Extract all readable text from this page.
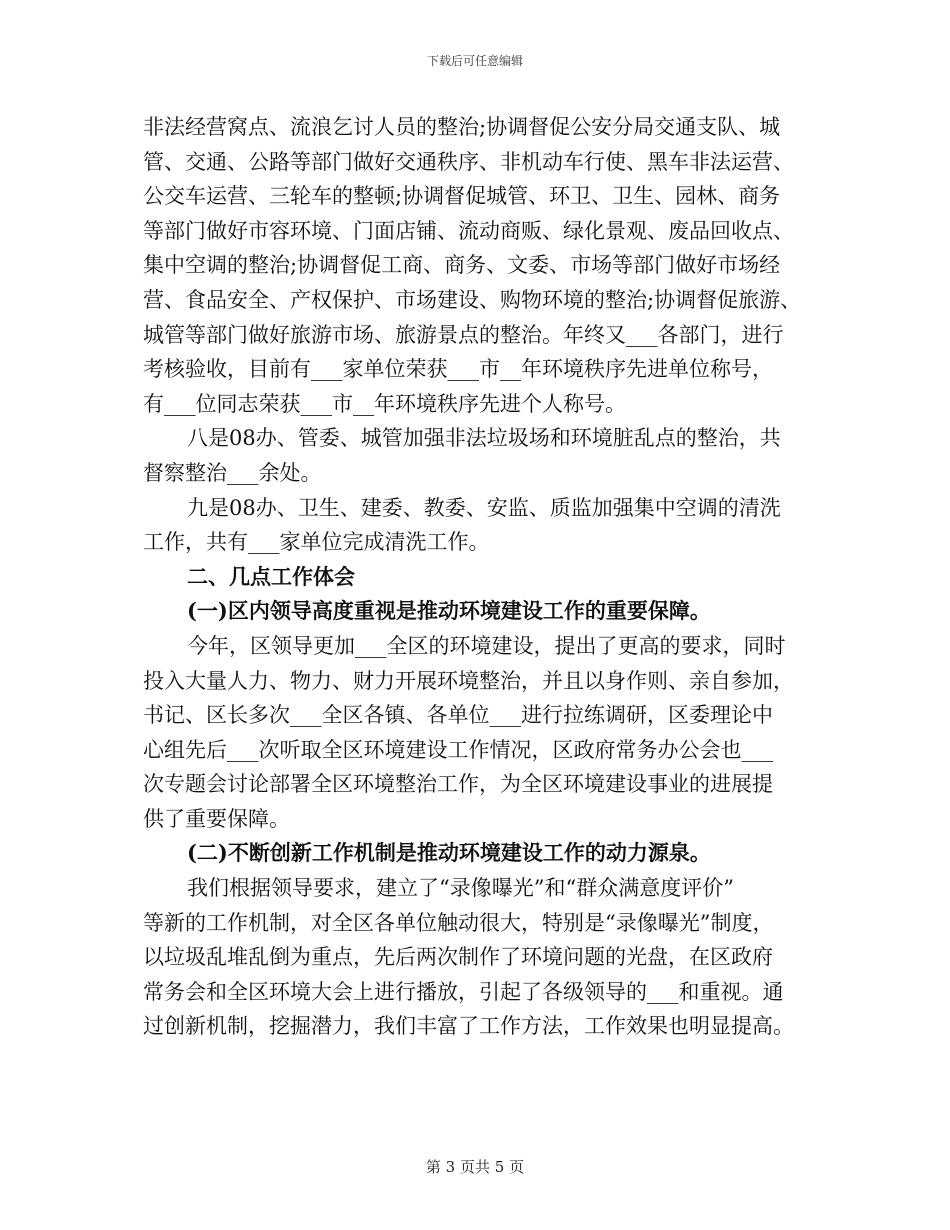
下载后可任意编辑
非法经营窝点、流浪乞讨人员的整治;协调督促公安分局交通支队、城
管、交通、公路等部门做好交通秩序、非机动车行使、黑车非法运营、
公交车运营、三轮车的整顿;协调督促城管、环卫、卫生、园林、商务
等部门做好市容环境、门面店铺、流动商贩、绿化景观、废品回收点、
集中空调的整治;协调督促工商、商务、文委、市场等部门做好市场经
营、食品安全、产权保护、市场建设、购物环境的整治;协调督促旅游、
城管等部门做好旅游市场、旅游景点的整治。年终又___各部门，进行
考核验收，目前有___家单位荣获___市__年环境秩序先进单位称号，
有___位同志荣获___市__年环境秩序先进个人称号。
八是08办、管委、城管加强非法垃圾场和环境脏乱点的整治，共
督察整治___余处。
九是08办、卫生、建委、教委、安监、质监加强集中空调的清洗
工作，共有___家单位完成清洗工作。
二、几点工作体会
(一)区内领导高度重视是推动环境建设工作的重要保障。
今年，区领导更加___全区的环境建设，提出了更高的要求，同时
投入大量人力、物力、财力开展环境整治，并且以身作则、亲自参加，
书记、区长多次___全区各镇、各单位___进行拉练调研，区委理论中
心组先后___次听取全区环境建设工作情况，区政府常务办公会也___
次专题会讨论部署全区环境整治工作，为全区环境建设事业的进展提
供了重要保障。
(二)不断创新工作机制是推动环境建设工作的动力源泉。
我们根据领导要求，建立了“录像曝光”和“群众满意度评价”
等新的工作机制，对全区各单位触动很大，特别是“录像曝光”制度，
以垃圾乱堆乱倒为重点，先后两次制作了环境问题的光盘，在区政府
常务会和全区环境大会上进行播放，引起了各级领导的___和重视。通
过创新机制，挖掘潜力，我们丰富了工作方法，工作效果也明显提高。
第 3 页共 5 页
